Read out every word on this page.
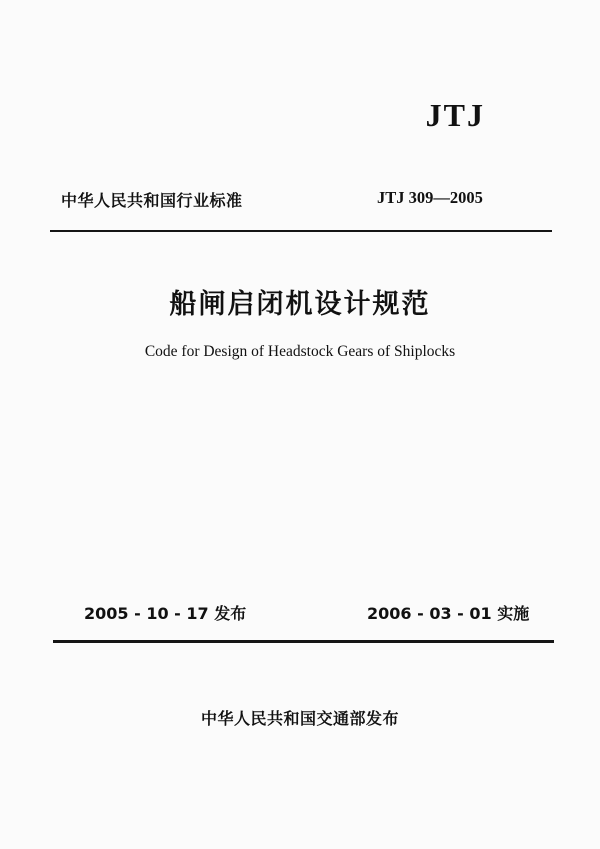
JTJ
中华人民共和国行业标准	JTJ 309—2005
船闸启闭机设计规范
Code for Design of Headstock Gears of Shiplocks
2005 - 10 - 17 发布	2006 - 03 - 01 实施
中华人民共和国交通部发布
